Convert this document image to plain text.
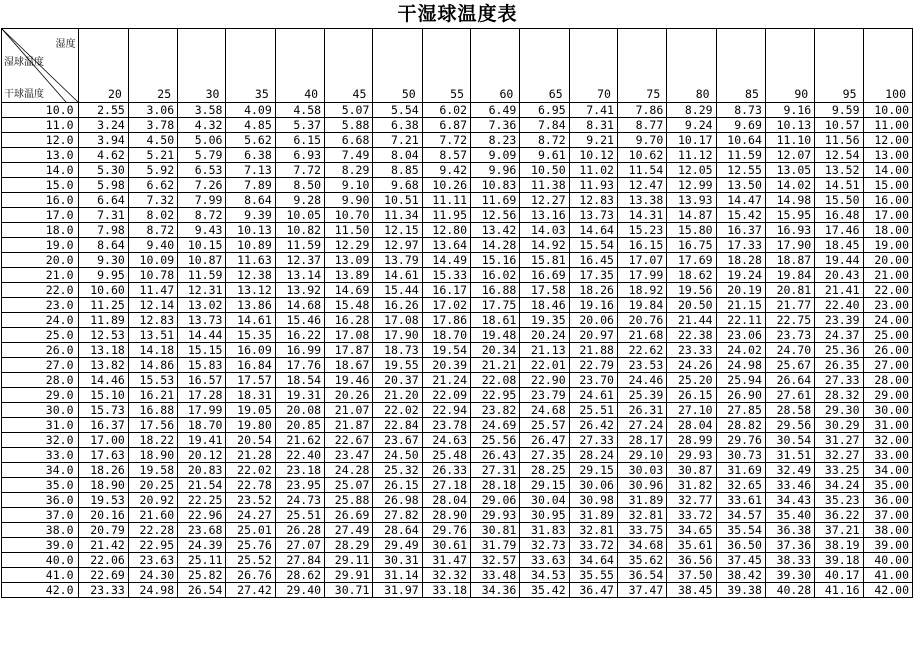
干湿球温度表
湿度
湿球温度
干球温度	20	25	30	35	40	45	50	55	60	65	70	75	80	85	90	95	100
10.0	2.55	3.06	3.58	4.09	4.58	5.07	5.54	6.02	6.49	6.95	7.41	7.86	8.29	8.73	9.16	9.59	10.00
11.0	3.24	3.78	4.32	4.85	5.37	5.88	6.38	6.87	7.36	7.84	8.31	8.77	9.24	9.69	10.13	10.57	11.00
12.0	3.94	4.50	5.06	5.62	6.15	6.68	7.21	7.72	8.23	8.72	9.21	9.70	10.17	10.64	11.10	11.56	12.00
13.0	4.62	5.21	5.79	6.38	6.93	7.49	8.04	8.57	9.09	9.61	10.12	10.62	11.12	11.59	12.07	12.54	13.00
14.0	5.30	5.92	6.53	7.13	7.72	8.29	8.85	9.42	9.96	10.50	11.02	11.54	12.05	12.55	13.05	13.52	14.00
15.0	5.98	6.62	7.26	7.89	8.50	9.10	9.68	10.26	10.83	11.38	11.93	12.47	12.99	13.50	14.02	14.51	15.00
16.0	6.64	7.32	7.99	8.64	9.28	9.90	10.51	11.11	11.69	12.27	12.83	13.38	13.93	14.47	14.98	15.50	16.00
17.0	7.31	8.02	8.72	9.39	10.05	10.70	11.34	11.95	12.56	13.16	13.73	14.31	14.87	15.42	15.95	16.48	17.00
18.0	7.98	8.72	9.43	10.13	10.82	11.50	12.15	12.80	13.42	14.03	14.64	15.23	15.80	16.37	16.93	17.46	18.00
19.0	8.64	9.40	10.15	10.89	11.59	12.29	12.97	13.64	14.28	14.92	15.54	16.15	16.75	17.33	17.90	18.45	19.00
20.0	9.30	10.09	10.87	11.63	12.37	13.09	13.79	14.49	15.16	15.81	16.45	17.07	17.69	18.28	18.87	19.44	20.00
21.0	9.95	10.78	11.59	12.38	13.14	13.89	14.61	15.33	16.02	16.69	17.35	17.99	18.62	19.24	19.84	20.43	21.00
22.0	10.60	11.47	12.31	13.12	13.92	14.69	15.44	16.17	16.88	17.58	18.26	18.92	19.56	20.19	20.81	21.41	22.00
23.0	11.25	12.14	13.02	13.86	14.68	15.48	16.26	17.02	17.75	18.46	19.16	19.84	20.50	21.15	21.77	22.40	23.00
24.0	11.89	12.83	13.73	14.61	15.46	16.28	17.08	17.86	18.61	19.35	20.06	20.76	21.44	22.11	22.75	23.39	24.00
25.0	12.53	13.51	14.44	15.35	16.22	17.08	17.90	18.70	19.48	20.24	20.97	21.68	22.38	23.06	23.73	24.37	25.00
26.0	13.18	14.18	15.15	16.09	16.99	17.87	18.73	19.54	20.34	21.13	21.88	22.62	23.33	24.02	24.70	25.36	26.00
27.0	13.82	14.86	15.83	16.84	17.76	18.67	19.55	20.39	21.21	22.01	22.79	23.53	24.26	24.98	25.67	26.35	27.00
28.0	14.46	15.53	16.57	17.57	18.54	19.46	20.37	21.24	22.08	22.90	23.70	24.46	25.20	25.94	26.64	27.33	28.00
29.0	15.10	16.21	17.28	18.31	19.31	20.26	21.20	22.09	22.95	23.79	24.61	25.39	26.15	26.90	27.61	28.32	29.00
30.0	15.73	16.88	17.99	19.05	20.08	21.07	22.02	22.94	23.82	24.68	25.51	26.31	27.10	27.85	28.58	29.30	30.00
31.0	16.37	17.56	18.70	19.80	20.85	21.87	22.84	23.78	24.69	25.57	26.42	27.24	28.04	28.82	29.56	30.29	31.00
32.0	17.00	18.22	19.41	20.54	21.62	22.67	23.67	24.63	25.56	26.47	27.33	28.17	28.99	29.76	30.54	31.27	32.00
33.0	17.63	18.90	20.12	21.28	22.40	23.47	24.50	25.48	26.43	27.35	28.24	29.10	29.93	30.73	31.51	32.27	33.00
34.0	18.26	19.58	20.83	22.02	23.18	24.28	25.32	26.33	27.31	28.25	29.15	30.03	30.87	31.69	32.49	33.25	34.00
35.0	18.90	20.25	21.54	22.78	23.95	25.07	26.15	27.18	28.18	29.15	30.06	30.96	31.82	32.65	33.46	34.24	35.00
36.0	19.53	20.92	22.25	23.52	24.73	25.88	26.98	28.04	29.06	30.04	30.98	31.89	32.77	33.61	34.43	35.23	36.00
37.0	20.16	21.60	22.96	24.27	25.51	26.69	27.82	28.90	29.93	30.95	31.89	32.81	33.72	34.57	35.40	36.22	37.00
38.0	20.79	22.28	23.68	25.01	26.28	27.49	28.64	29.76	30.81	31.83	32.81	33.75	34.65	35.54	36.38	37.21	38.00
39.0	21.42	22.95	24.39	25.76	27.07	28.29	29.49	30.61	31.79	32.73	33.72	34.68	35.61	36.50	37.36	38.19	39.00
40.0	22.06	23.63	25.11	25.52	27.84	29.11	30.31	31.47	32.57	33.63	34.64	35.62	36.56	37.45	38.33	39.18	40.00
41.0	22.69	24.30	25.82	26.76	28.62	29.91	31.14	32.32	33.48	34.53	35.55	36.54	37.50	38.42	39.30	40.17	41.00
42.0	23.33	24.98	26.54	27.42	29.40	30.71	31.97	33.18	34.36	35.42	36.47	37.47	38.45	39.38	40.28	41.16	42.00
